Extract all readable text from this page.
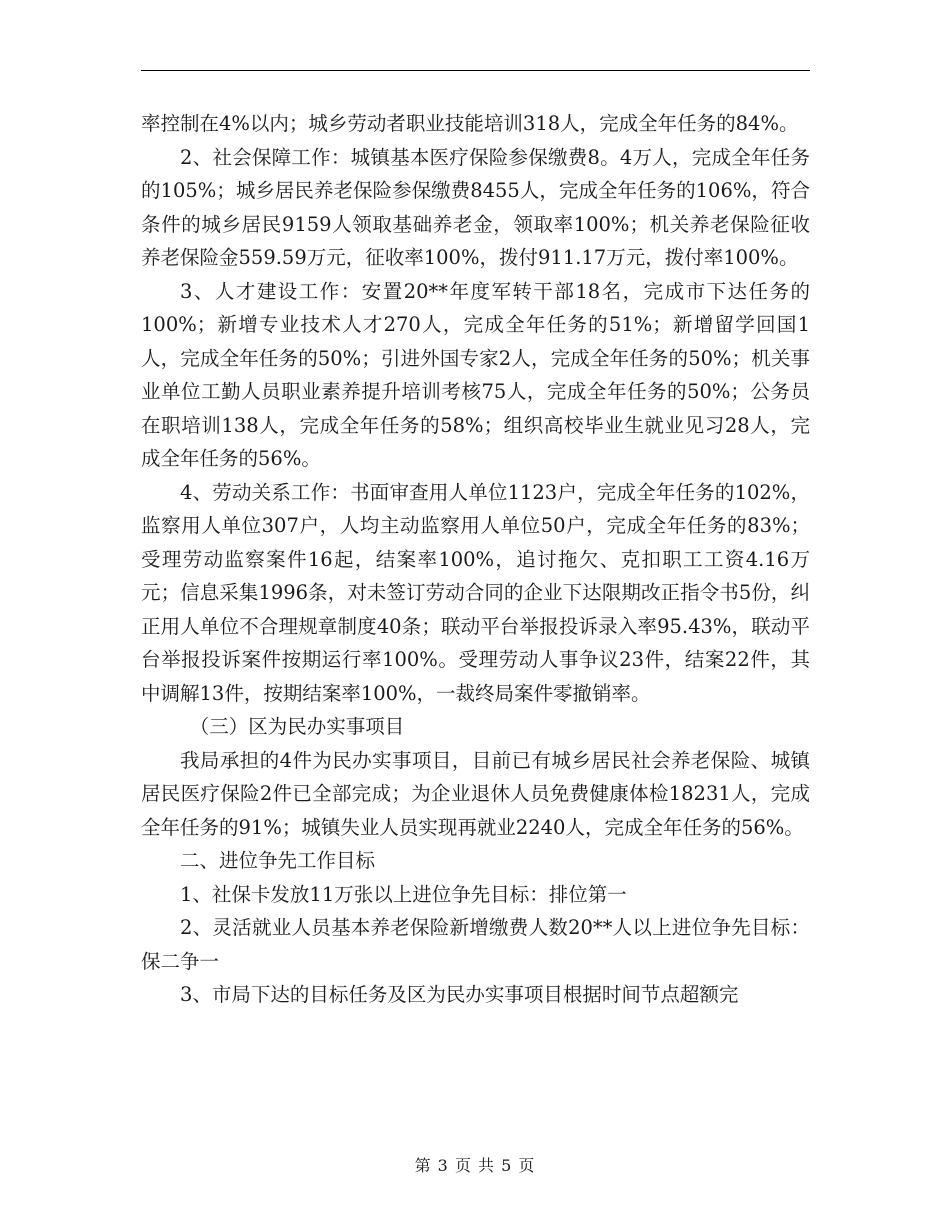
率控制在4%以内；城乡劳动者职业技能培训318人，完成全年任务的84%。

2、社会保障工作：城镇基本医疗保险参保缴费8。4万人，完成全年任务的105%；城乡居民养老保险参保缴费8455人，完成全年任务的106%，符合条件的城乡居民9159人领取基础养老金，领取率100%；机关养老保险征收养老保险金559.59万元，征收率100%，拨付911.17万元，拨付率100%。

3、人才建设工作：安置20**年度军转干部18名，完成市下达任务的100%；新增专业技术人才270人，完成全年任务的51%；新增留学回国1人，完成全年任务的50%；引进外国专家2人，完成全年任务的50%；机关事业单位工勤人员职业素养提升培训考核75人，完成全年任务的50%；公务员在职培训138人，完成全年任务的58%；组织高校毕业生就业见习28人，完成全年任务的56%。

4、劳动关系工作：书面审查用人单位1123户，完成全年任务的102%，监察用人单位307户，人均主动监察用人单位50户，完成全年任务的83%；受理劳动监察案件16起，结案率100%，追讨拖欠、克扣职工工资4.16万元；信息采集1996条，对未签订劳动合同的企业下达限期改正指令书5份，纠正用人单位不合理规章制度40条；联动平台举报投诉录入率95.43%，联动平台举报投诉案件按期运行率100%。受理劳动人事争议23件，结案22件，其中调解13件，按期结案率100%，一裁终局案件零撤销率。

（三）区为民办实事项目

我局承担的4件为民办实事项目，目前已有城乡居民社会养老保险、城镇居民医疗保险2件已全部完成；为企业退休人员免费健康体检18231人，完成全年任务的91%；城镇失业人员实现再就业2240人，完成全年任务的56%。

二、进位争先工作目标

1、社保卡发放11万张以上进位争先目标：排位第一

2、灵活就业人员基本养老保险新增缴费人数20**人以上进位争先目标：保二争一

3、市局下达的目标任务及区为民办实事项目根据时间节点超额完

第 3 页 共 5 页
